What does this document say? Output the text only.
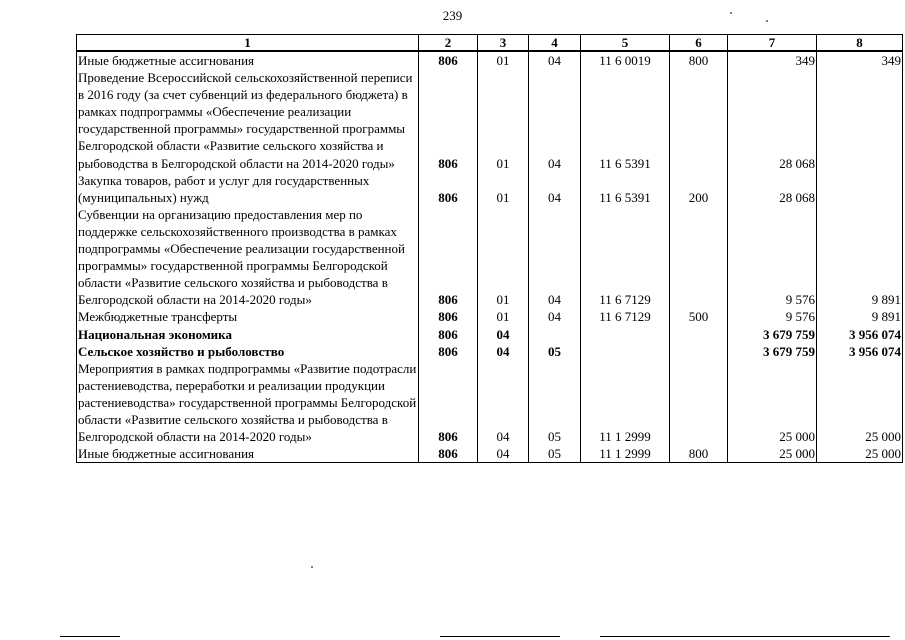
239
1	2	3	4	5	6	7	8
Иные бюджетные ассигнования	806	01	04	11 6 0019	800	349	349
Проведение Всероссийской сельскохозяйственной переписи в 2016 году (за счет субвенций из федерального бюджета) в рамках подпрограммы «Обеспечение реализации государственной программы» государственной программы Белгородской области «Развитие сельского хозяйства и рыбоводства в Белгородской области на 2014-2020 годы»	806	01	04	11 6 5391		28 068	
Закупка товаров, работ и услуг для государственных (муниципальных) нужд	806	01	04	11 6 5391	200	28 068	
Субвенции на организацию предоставления мер по поддержке сельскохозяйственного производства в рамках подпрограммы «Обеспечение реализации государственной программы» государственной программы Белгородской области «Развитие сельского хозяйства и рыбоводства в Белгородской области на 2014-2020 годы»	806	01	04	11 6 7129		9 576	9 891
Межбюджетные трансферты	806	01	04	11 6 7129	500	9 576	9 891
Национальная экономика	806	04				3 679 759	3 956 074
Сельское хозяйство и рыболовство	806	04	05			3 679 759	3 956 074
Мероприятия в рамках подпрограммы «Развитие подотрасли растениеводства, переработки и реализации продукции растениеводства» государственной программы Белгородской области «Развитие сельского хозяйства и рыбоводства в Белгородской области на 2014-2020 годы»	806	04	05	11 1 2999		25 000	25 000
Иные бюджетные ассигнования	806	04	05	11 1 2999	800	25 000	25 000
